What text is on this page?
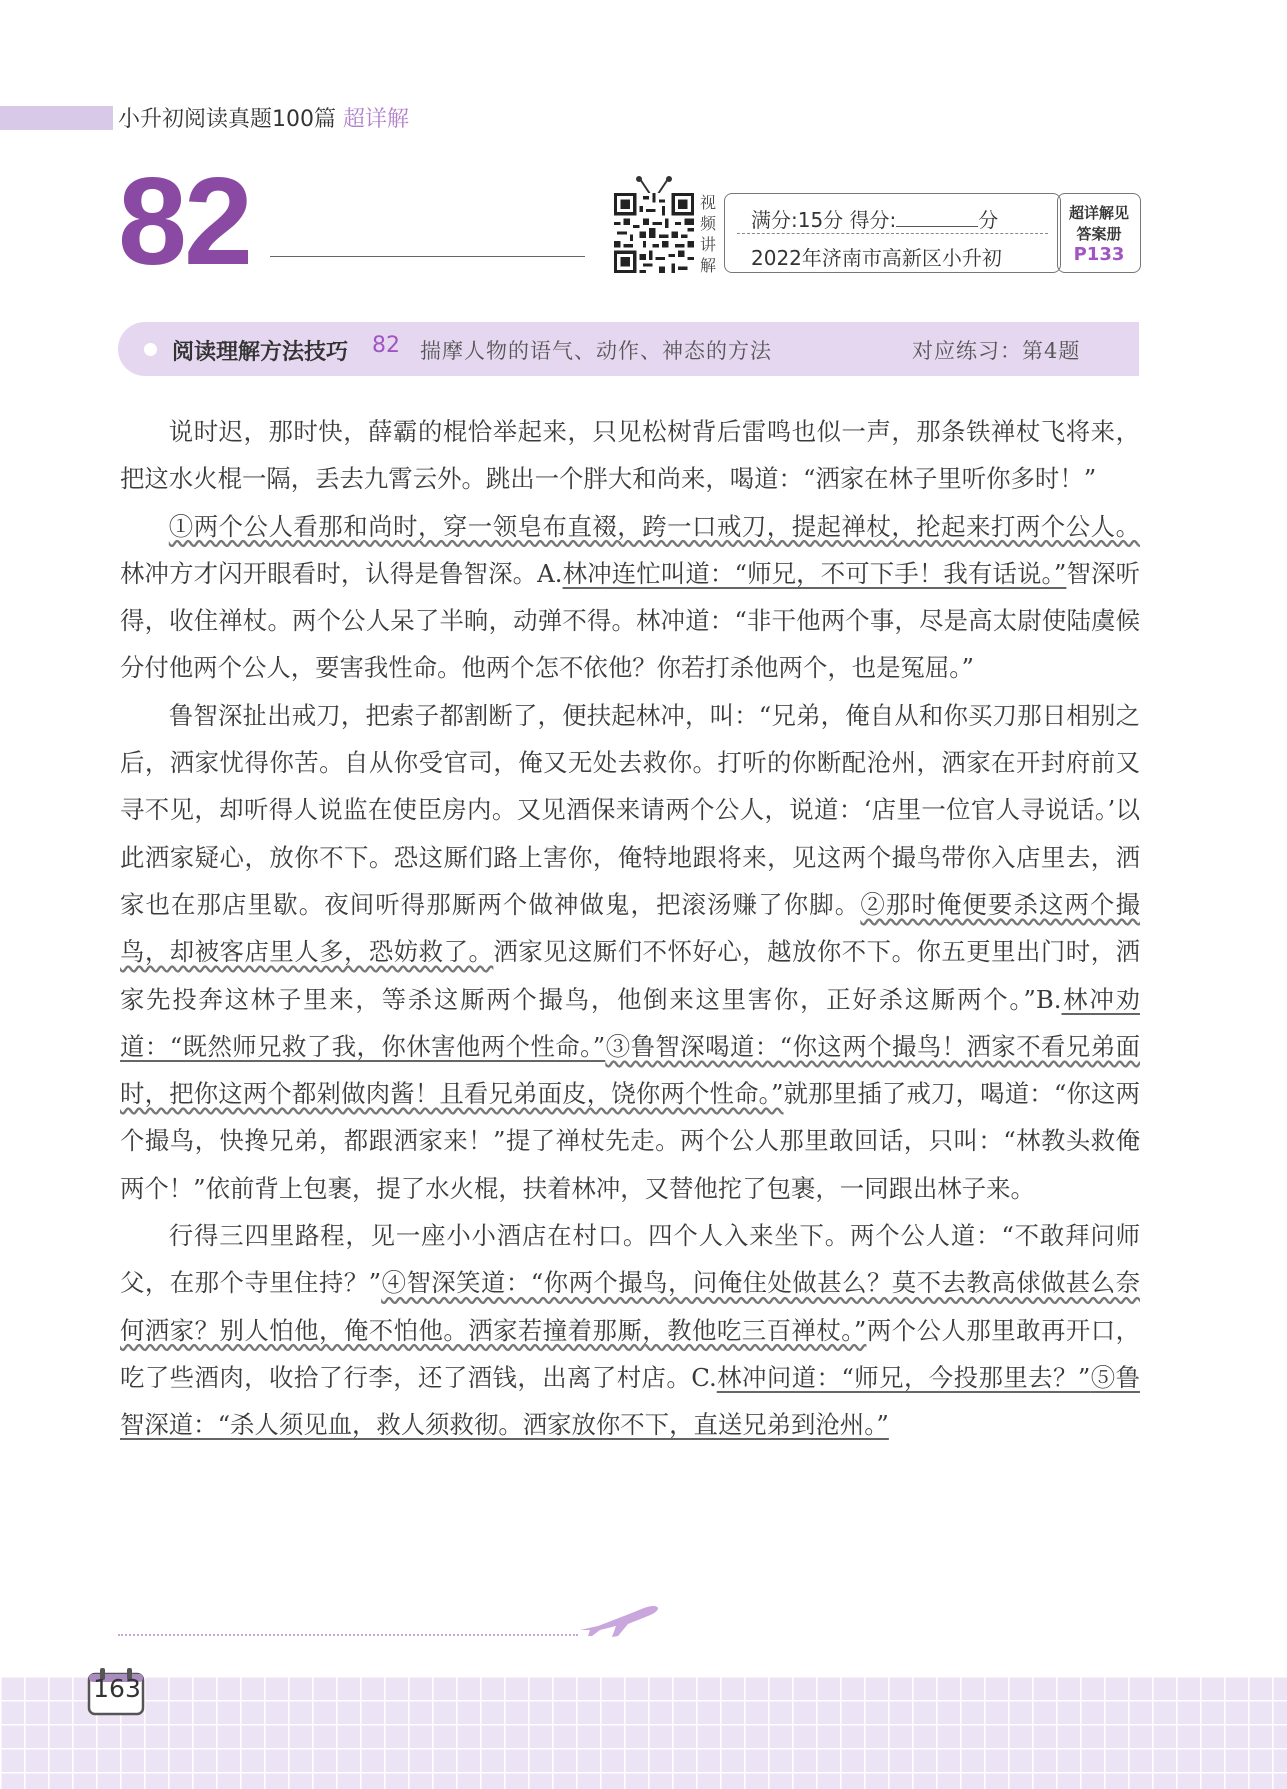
小升初阅读真题100篇 超详解
82	视频讲解
满分:15分 得分:	分
2022年济南市高新区小升初
超详解见
答案册
P133
阅读理解方法技巧 82 揣摩人物的语气、动作、神态的方法	对应练习：第4题

说时迟，那时快，薛霸的棍恰举起来，只见松树背后雷鸣也似一声，那条铁禅杖飞将来，把这水火棍一隔，丢去九霄云外。跳出一个胖大和尚来，喝道：“洒家在林子里听你多时！”

①两个公人看那和尚时，穿一领皂布直裰，跨一口戒刀，提起禅杖，抡起来打两个公人。林冲方才闪开眼看时，认得是鲁智深。A.林冲连忙叫道：“师兄，不可下手！我有话说。”智深听得，收住禅杖。两个公人呆了半晌，动弹不得。林冲道：“非干他两个事，尽是高太尉使陆虞候分付他两个公人，要害我性命。他两个怎不依他？你若打杀他两个，也是冤屈。”

鲁智深扯出戒刀，把索子都割断了，便扶起林冲，叫：“兄弟，俺自从和你买刀那日相别之后，洒家忧得你苦。自从你受官司，俺又无处去救你。打听的你断配沧州，洒家在开封府前又寻不见，却听得人说监在使臣房内。又见酒保来请两个公人，说道：‘店里一位官人寻说话。’以此洒家疑心，放你不下。恐这厮们路上害你，俺特地跟将来，见这两个撮鸟带你入店里去，洒家也在那店里歇。夜间听得那厮两个做神做鬼，把滚汤赚了你脚。②那时俺便要杀这两个撮鸟，却被客店里人多，恐妨救了。洒家见这厮们不怀好心，越放你不下。你五更里出门时，洒家先投奔这林子里来，等杀这厮两个撮鸟，他倒来这里害你，正好杀这厮两个。”B.林冲劝道：“既然师兄救了我，你休害他两个性命。”③鲁智深喝道：“你这两个撮鸟！洒家不看兄弟面时，把你这两个都剁做肉酱！且看兄弟面皮，饶你两个性命。”就那里插了戒刀，喝道：“你这两个撮鸟，快搀兄弟，都跟洒家来！”提了禅杖先走。两个公人那里敢回话，只叫：“林教头救俺两个！”依前背上包裹，提了水火棍，扶着林冲，又替他拕了包裹，一同跟出林子来。

行得三四里路程，见一座小小酒店在村口。四个人入来坐下。两个公人道：“不敢拜问师父，在那个寺里住持？”④智深笑道：“你两个撮鸟，问俺住处做甚么？莫不去教高俅做甚么奈何洒家？别人怕他，俺不怕他。洒家若撞着那厮，教他吃三百禅杖。”两个公人那里敢再开口，吃了些酒肉，收拾了行李，还了酒钱，出离了村店。C.林冲问道：“师兄，今投那里去？”⑤鲁智深道：“杀人须见血，救人须救彻。洒家放你不下，直送兄弟到沧州。”

163
